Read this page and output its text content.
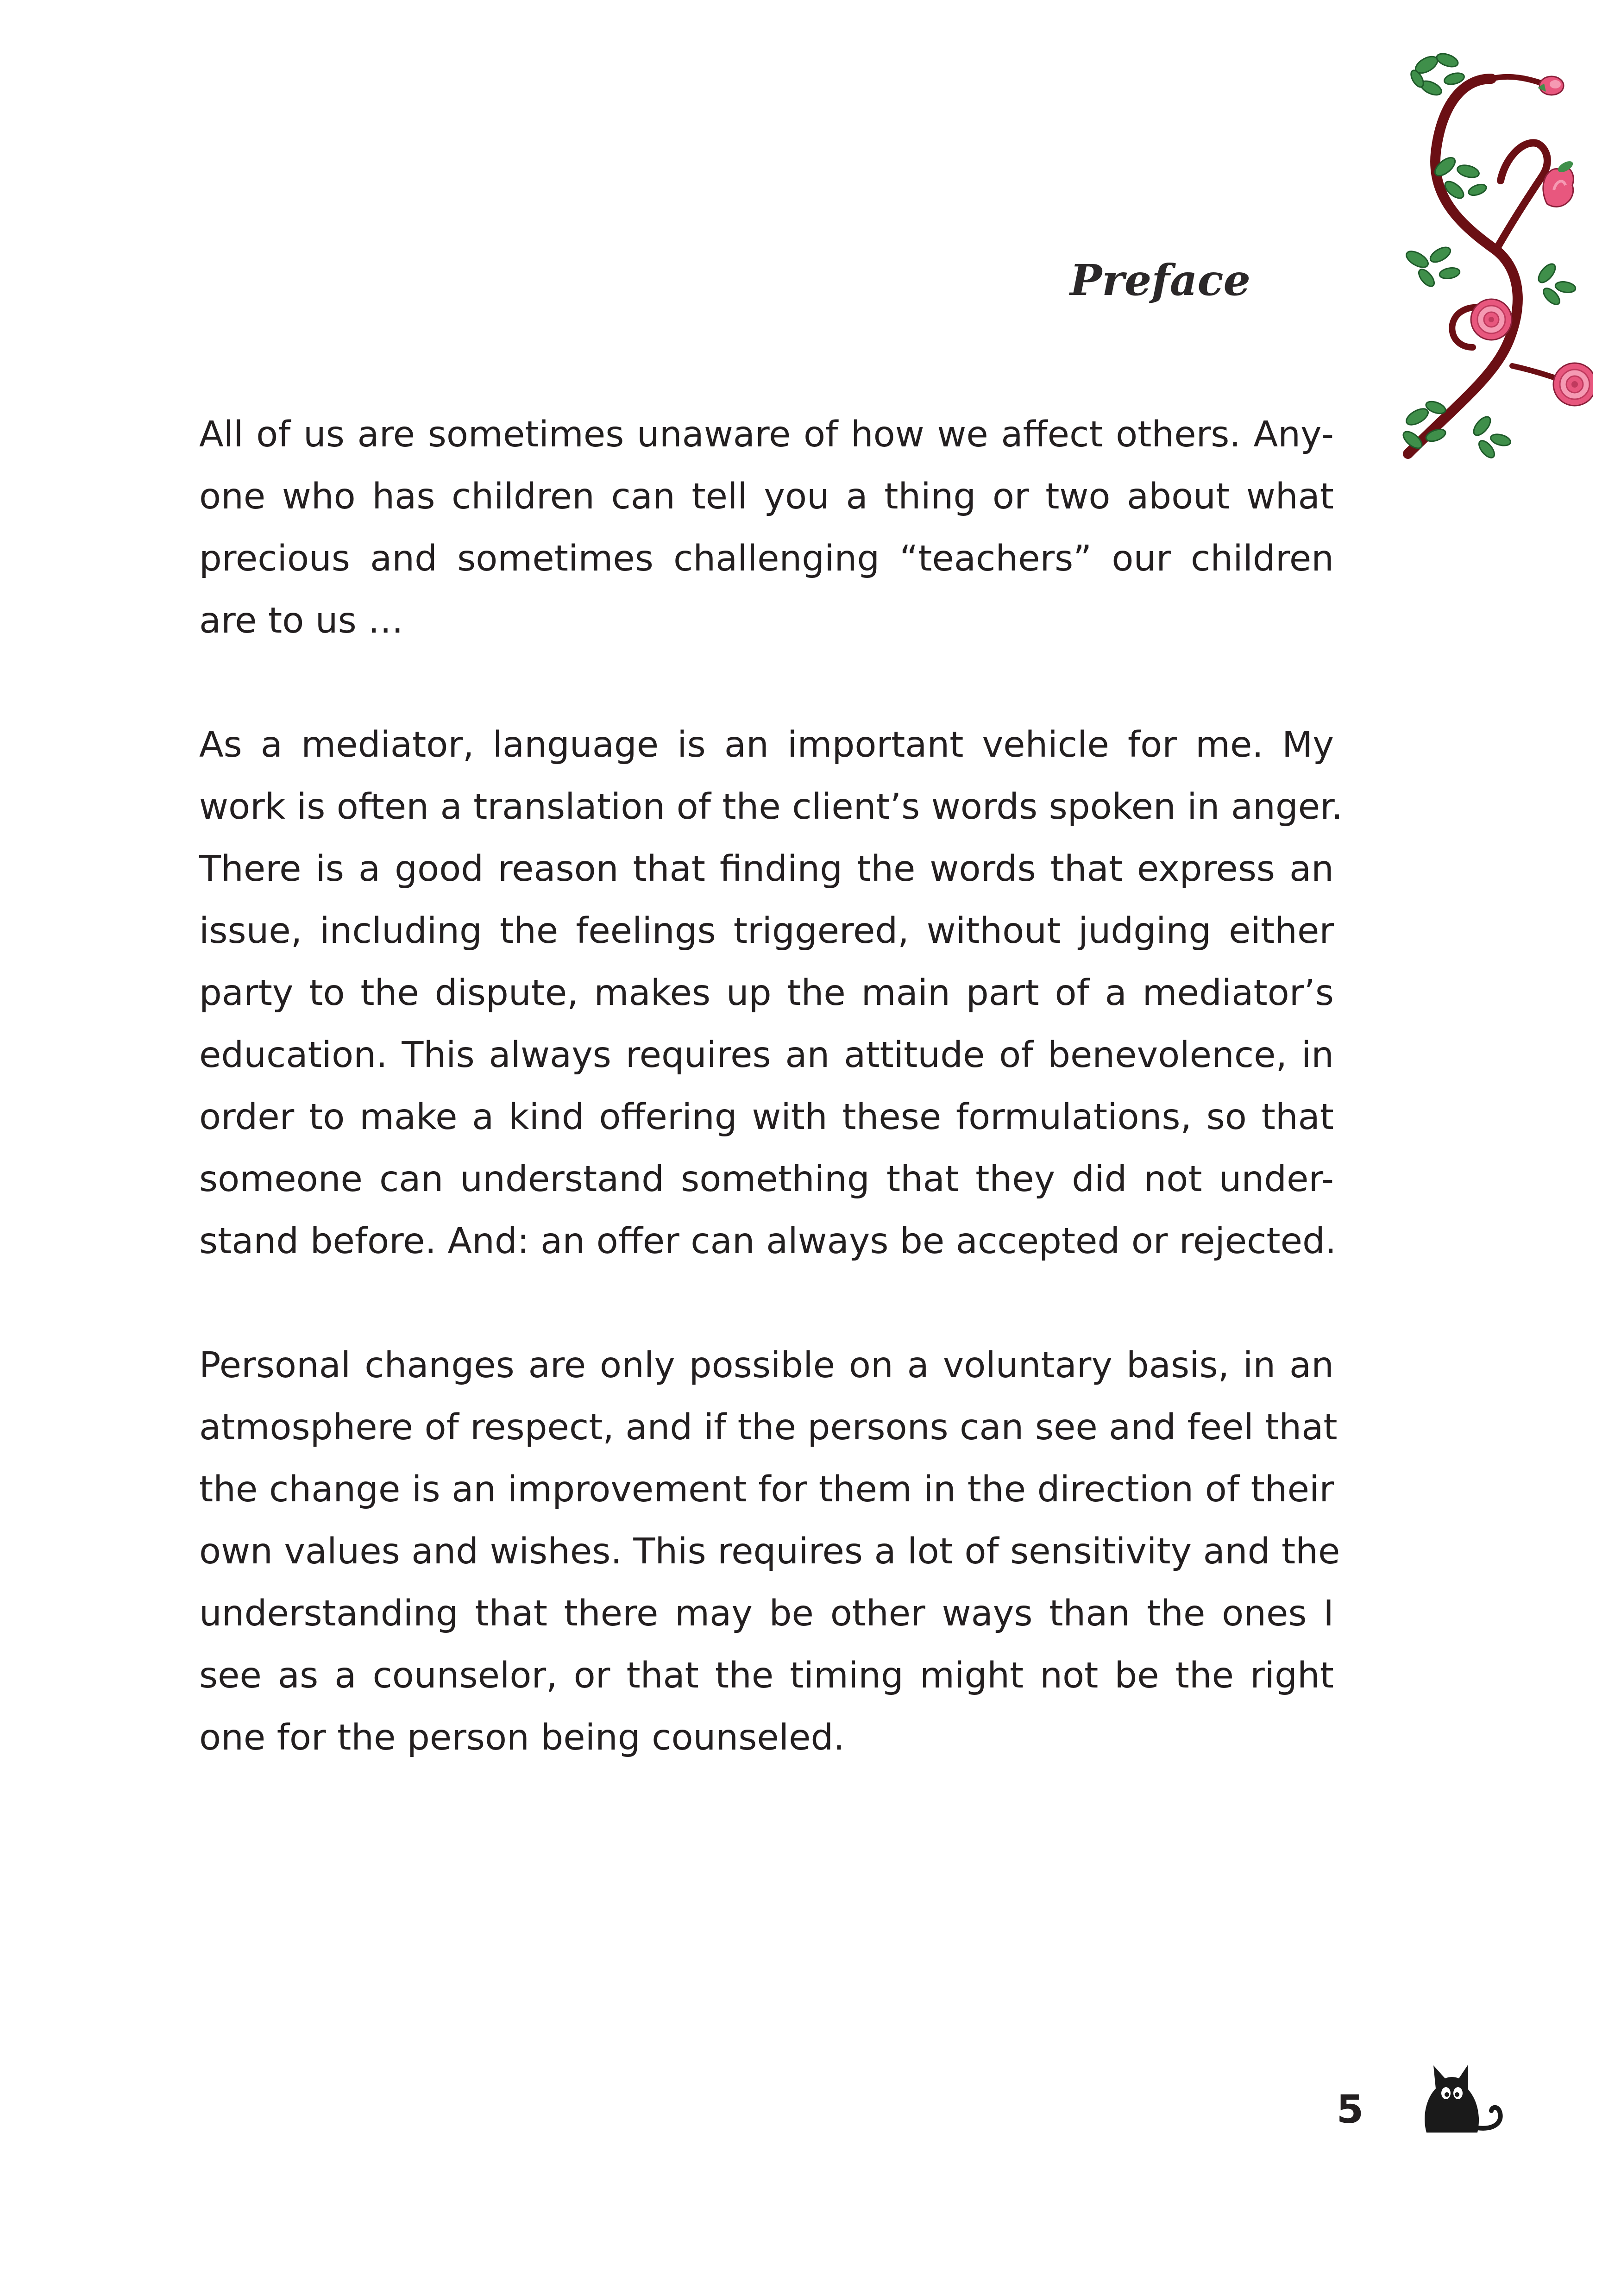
Preface

All of us are sometimes unaware of how we affect others. Any-
one who has children can tell you a thing or two about what
precious and sometimes challenging “teachers” our children
are to us …

As a mediator, language is an important vehicle for me. My
work is often a translation of the client’s words spoken in anger.
There is a good reason that finding the words that express an
issue, including the feelings triggered, without judging either
party to the dispute, makes up the main part of a mediator’s
education. This always requires an attitude of benevolence, in
order to make a kind offering with these formulations, so that
someone can understand something that they did not under-
stand before. And: an offer can always be accepted or rejected.

Personal changes are only possible on a voluntary basis, in an
atmosphere of respect, and if the persons can see and feel that
the change is an improvement for them in the direction of their
own values and wishes. This requires a lot of sensitivity and the
understanding that there may be other ways than the ones I
see as a counselor, or that the timing might not be the right
one for the person being counseled.

5
